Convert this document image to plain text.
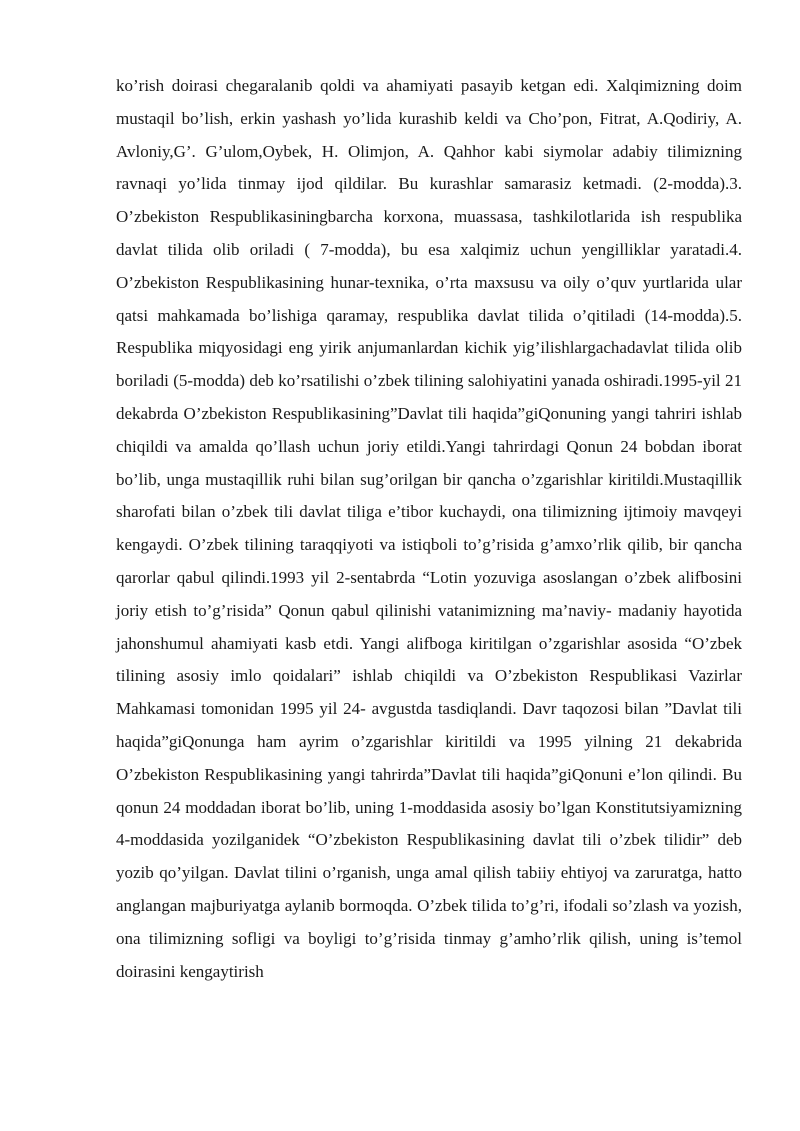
ko’rish doirasi chegaralanib qoldi va ahamiyati pasayib ketgan edi. Xalqimizning doim mustaqil bo’lish, erkin yashash yo’lida kurashib keldi va Cho’pon, Fitrat, A.Qodiriy, A. Avloniy,G’. G’ulom,Oybek, H. Olimjon, A. Qahhor kabi siymolar adabiy tilimizning ravnaqi yo’lida tinmay ijod qildilar. Bu kurashlar samarasiz ketmadi. (2-modda).3. O’zbekiston Respublikasiningbarcha korxona, muassasa, tashkilotlarida ish respublika davlat tilida olib oriladi ( 7-modda), bu esa xalqimiz uchun yengilliklar yaratadi.4. O’zbekiston Respublikasining hunar-texnika, o’rta maxsusu va oily o’quv yurtlarida ular qatsi mahkamada bo’lishiga qaramay, respublika davlat tilida o’qitiladi (14-modda).5. Respublika miqyosidagi eng yirik anjumanlardan kichik yig’ilishlargachadavlat tilida olib boriladi (5-modda) deb ko’rsatilishi o’zbek tilining salohiyatini yanada oshiradi.1995-yil 21 dekabrda O’zbekiston Respublikasining”Davlat tili haqida”giQonuning yangi tahriri ishlab chiqildi va amalda qo’llash uchun joriy etildi.Yangi tahrirdagi Qonun 24 bobdan iborat bo’lib, unga mustaqillik ruhi bilan sug’orilgan bir qancha o’zgarishlar kiritildi.Mustaqillik sharofati bilan o’zbek tili davlat tiliga e’tibor kuchaydi, ona tilimizning ijtimoiy mavqeyi kengaydi. O’zbek tilining taraqqiyoti va istiqboli to’g’risida g’amxo’rlik qilib, bir qancha qarorlar qabul qilindi.1993 yil 2-sentabrda “Lotin yozuviga asoslangan o’zbek alifbosini joriy etish to’g’risida” Qonun qabul qilinishi vatanimizning ma’naviy- madaniy hayotida jahonshumul ahamiyati kasb etdi. Yangi alifboga kiritilgan o’zgarishlar asosida “O’zbek tilining asosiy imlo qoidalari” ishlab chiqildi va O’zbekiston Respublikasi Vazirlar Mahkamasi tomonidan 1995 yil 24- avgustda tasdiqlandi. Davr taqozosi bilan ”Davlat tili haqida”giQonunga ham ayrim o’zgarishlar kiritildi va 1995 yilning 21 dekabrida O’zbekiston Respublikasining yangi tahrirda”Davlat tili haqida”giQonuni e’lon qilindi. Bu qonun 24 moddadan iborat bo’lib, uning 1-moddasida asosiy bo’lgan Konstitutsiyamizning 4-moddasida yozilganidek “O’zbekiston Respublikasining davlat tili o’zbek tilidir” deb yozib qo’yilgan. Davlat tilini o’rganish, unga amal qilish tabiiy ehtiyoj va zaruratga, hatto anglangan majburiyatga aylanib bormoqda. O’zbek tilida to’g’ri, ifodali so’zlash va yozish, ona tilimizning sofligi va boyligi to’g’risida tinmay g’amho’rlik qilish, uning is’temol doirasini kengaytirish
